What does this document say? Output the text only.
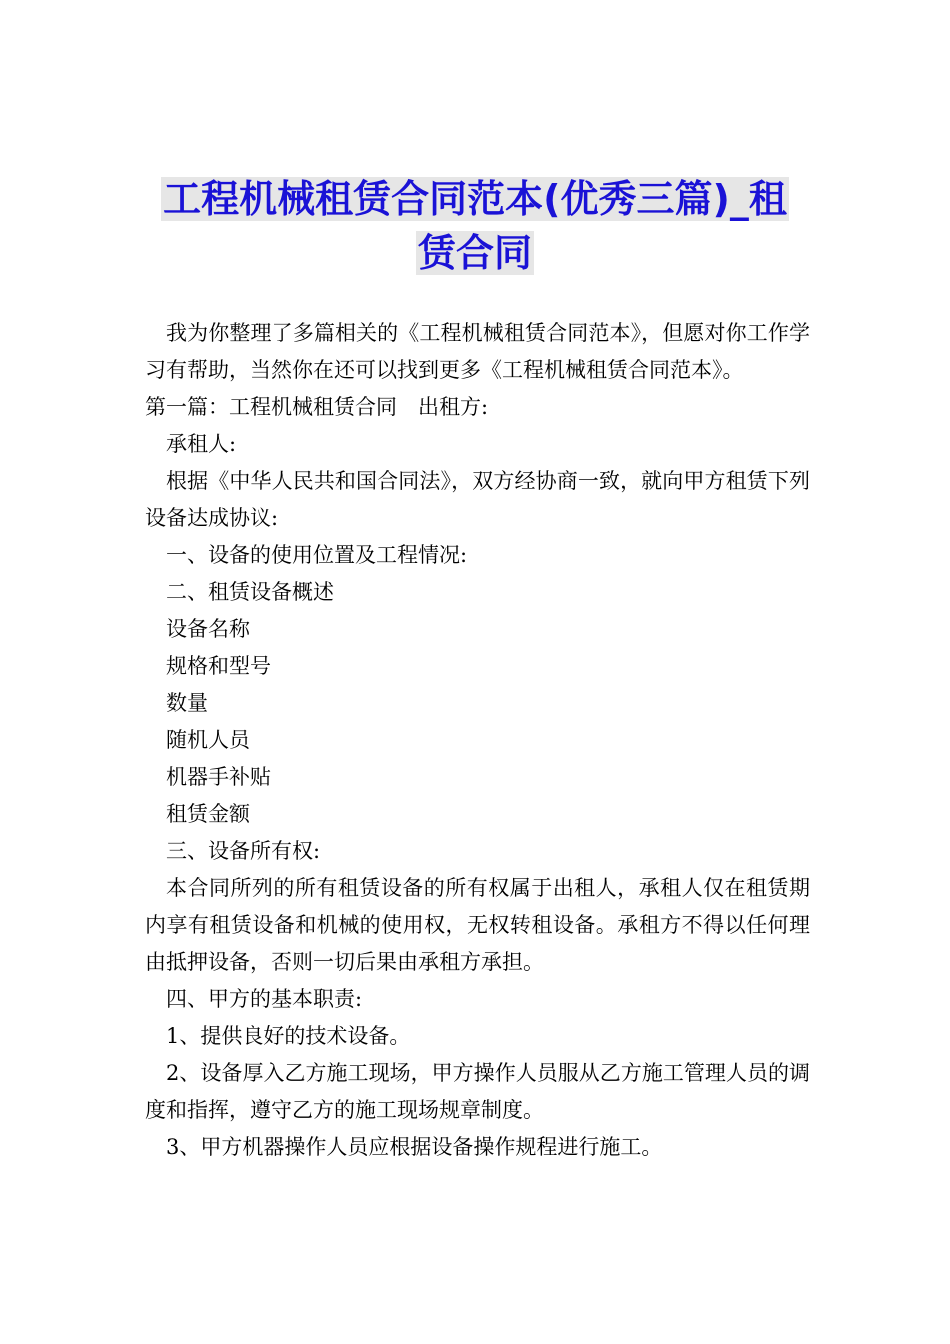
工程机械租赁合同范本(优秀三篇)_租
赁合同

我为你整理了多篇相关的《工程机械租赁合同范本》，但愿对你工作学习有帮助，当然你在还可以找到更多《工程机械租赁合同范本》。

第一篇：工程机械租赁合同　出租方:

承租人:

根据《中华人民共和国合同法》，双方经协商一致，就向甲方租赁下列设备达成协议:

一、设备的使用位置及工程情况:

二、租赁设备概述

设备名称

规格和型号

数量

随机人员

机器手补贴

租赁金额

三、设备所有权:

本合同所列的所有租赁设备的所有权属于出租人，承租人仅在租赁期内享有租赁设备和机械的使用权，无权转租设备。承租方不得以任何理由抵押设备，否则一切后果由承租方承担。

四、甲方的基本职责:

1、提供良好的技术设备。

2、设备厚入乙方施工现场，甲方操作人员服从乙方施工管理人员的调度和指挥，遵守乙方的施工现场规章制度。

3、甲方机器操作人员应根据设备操作规程进行施工。
